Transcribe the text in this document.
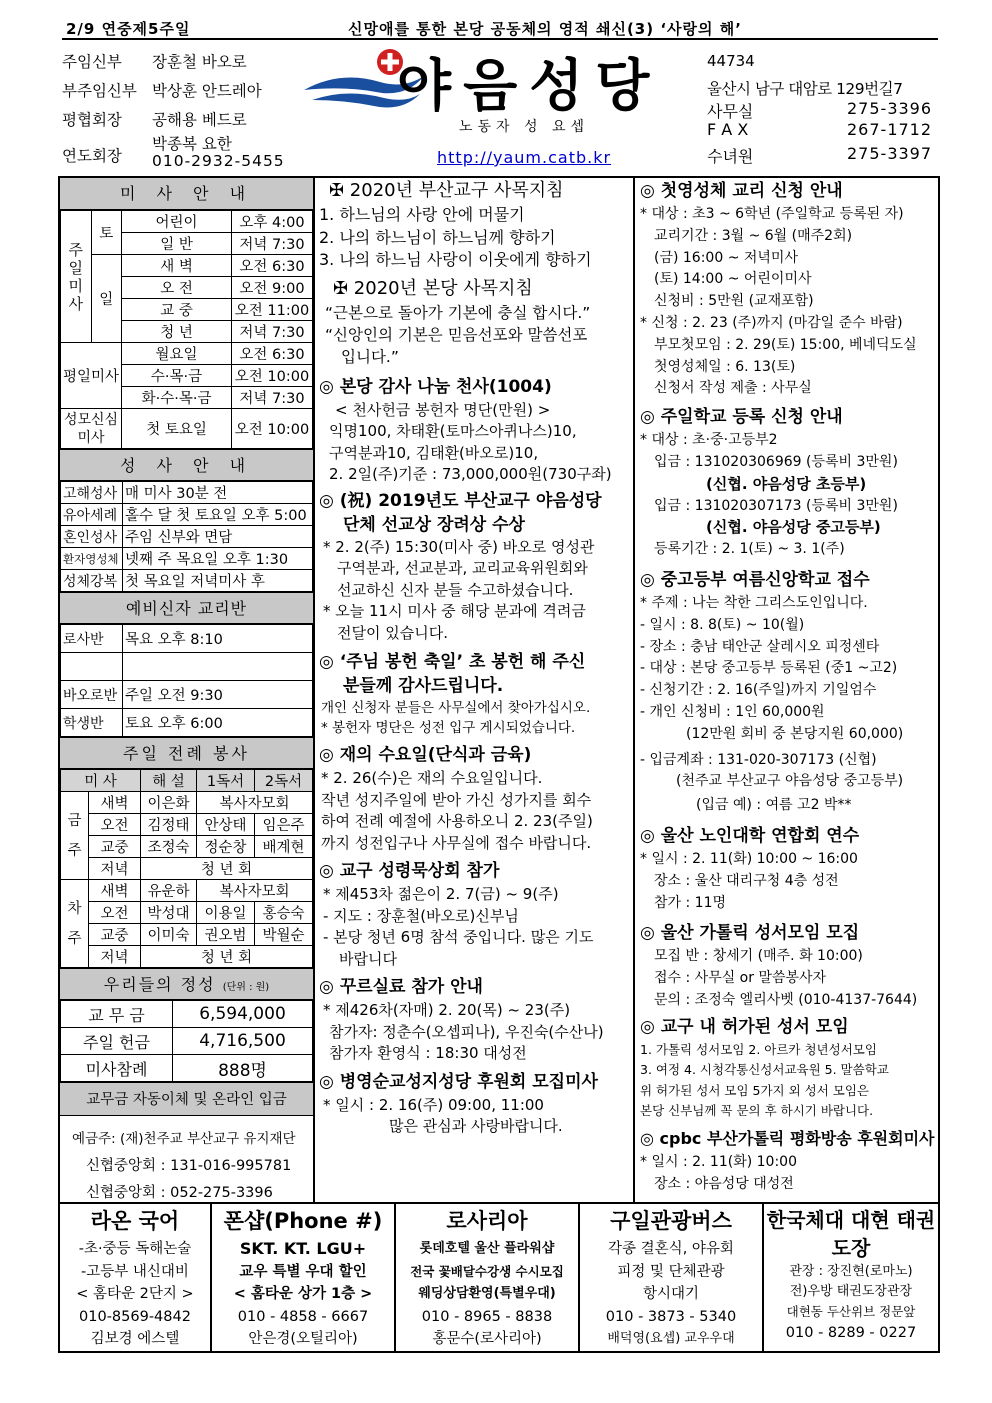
2/9 연중제5주일	신망애를 통한 본당 공동체의 영적 쇄신(3) ‘사랑의 해’
주임신부 장훈철 바오로
부주임신부 박상훈 안드레아
평협회장 공해용 베드로
연도회장
박종복 요한
010-2932-5455
야음성당
노동자 성 요셉
http://yaum.catb.kr
44734
울산시 남구 대암로 129번길7
사무실	275-3396
F A X	267-1712
수녀원	275-3397
미 사 안 내
주일미사	토	어린이	오후 4:00
		일 반	저녁 7:30
	일	새 벽	오전 6:30
		오 전	오전 9:00
		교 중	오전 11:00
		청 년	저녁 7:30
평일미사		월요일	오전 6:30
		수·목·금	오전 10:00
		화·수·목·금	저녁 7:30
성모신심 미사		첫 토요일	오전 10:00
성 사 안 내
고해성사	매 미사 30분 전
유아세례	홀수 달 첫 토요일 오후 5:00
혼인성사	주임 신부와 면담
환자영성체	넷째 주 목요일 오후 1:30
성체강복	첫 목요일 저녁미사 후
예비신자 교리반
로사반	목요 오후 8:10

바오로반	주일 오전 9:30
학생반	토요 오후 6:00
주일 전례 봉사
미 사		해 설	1독서	2독서
금주	새벽	이은화	복사자모회	
	오전	김정태	안상태	임은주
	교중	조정숙	정순창	배계현
	저녁	청 년 회		
차주	새벽	유운하	복사자모회	
	오전	박성대	이용일	홍승숙
	교중	이미숙	권오범	박월순
	저녁	청 년 회		
우리들의 정성 (단위 : 원)
교 무 금	6,594,000
주일 헌금	4,716,500
미사참례	888명
교무금 자동이체 및 온라인 입금
예금주: (재)천주교 부산교구 유지재단
신협중앙회 : 131-016-995781
신협중앙회 : 052-275-3396
✠ 2020년 부산교구 사목지침
1. 하느님의 사랑 안에 머물기
2. 나의 하느님이 하느님께 향하기
3. 나의 하느님 사랑이 이웃에게 향하기
✠ 2020년 본당 사목지침
“근본으로 돌아가 기본에 충실 합시다.”
“신앙인의 기본은 믿음선포와 말씀선포
입니다.”
◎ 본당 감사 나눔 천사(1004)
< 천사헌금 봉헌자 명단(만원) >
익명100, 차태환(토마스아퀴나스)10,
구역분과10, 김태환(바오로)10,
2. 2일(주)기준 : 73,000,000원(730구좌)
◎ (祝) 2019년도 부산교구 야음성당
단체 선교상 장려상 수상
* 2. 2(주) 15:30(미사 중) 바오로 영성관
구역분과, 선교분과, 교리교육위원회와
선교하신 신자 분들 수고하셨습니다.
* 오늘 11시 미사 중 해당 분과에 격려금
전달이 있습니다.
◎ ‘주님 봉헌 축일’ 초 봉헌 해 주신
분들께 감사드립니다.
개인 신청자 분들은 사무실에서 찾아가십시오.
* 봉헌자 명단은 성전 입구 게시되었습니다.
◎ 재의 수요일(단식과 금육)
* 2. 26(수)은 재의 수요일입니다.
작년 성지주일에 받아 가신 성가지를 회수
하여 전례 예절에 사용하오니 2. 23(주일)
까지 성전입구나 사무실에 접수 바랍니다.
◎ 교구 성령묵상회 참가
* 제453차 젊은이 2. 7(금) ~ 9(주)
- 지도 : 장훈철(바오로)신부님
- 본당 청년 6명 참석 중입니다. 많은 기도
바랍니다
◎ 꾸르실료 참가 안내
* 제426차(자매) 2. 20(목) ~ 23(주)
참가자: 정춘수(오셉피나), 우진숙(수산나)
참가자 환영식 : 18:30 대성전
◎ 병영순교성지성당 후원회 모집미사
* 일시 : 2. 16(주) 09:00, 11:00
많은 관심과 사랑바랍니다.
◎ 첫영성체 교리 신청 안내
* 대상 : 초3 ~ 6학년 (주일학교 등록된 자)
교리기간 : 3월 ~ 6월 (매주2회)
(금) 16:00 ~ 저녁미사
(토) 14:00 ~ 어린이미사
신청비 : 5만원 (교재포함)
* 신청 : 2. 23 (주)까지 (마감일 준수 바람)
부모첫모임 : 2. 29(토) 15:00, 베네딕도실
첫영성체일 : 6. 13(토)
신청서 작성 제출 : 사무실
◎ 주일학교 등록 신청 안내
* 대상 : 초·중·고등부2
입금 : 131020306969 (등록비 3만원)
(신협. 야음성당 초등부)
입금 : 131020307173 (등록비 3만원)
(신협. 야음성당 중고등부)
등록기간 : 2. 1(토) ~ 3. 1(주)
◎ 중고등부 여름신앙학교 접수
* 주제 : 나는 착한 그리스도인입니다.
- 일시 : 8. 8(토) ~ 10(월)
- 장소 : 충남 태안군 살레시오 피정센타
- 대상 : 본당 중고등부 등록된 (중1 ~고2)
- 신청기간 : 2. 16(주일)까지 기일엄수
- 개인 신청비 : 1인 60,000원
(12만원 회비 중 본당지원 60,000)
- 입금계좌 : 131-020-307173 (신협)
(천주교 부산교구 야음성당 중고등부)
(입금 예) : 여름 고2 박**
◎ 울산 노인대학 연합회 연수
* 일시 : 2. 11(화) 10:00 ~ 16:00
장소 : 울산 대리구청 4층 성전
참가 : 11명
◎ 울산 가톨릭 성서모임 모집
모집 반 : 창세기 (매주. 화 10:00)
접수 : 사무실 or 말씀봉사자
문의 : 조정숙 엘리사벳 (010-4137-7644)
◎ 교구 내 허가된 성서 모임
1. 가톨릭 성서모임 2. 아르카 청년성서모임
3. 여정 4. 시청각통신성서교육원 5. 말씀학교
위 허가된 성서 모임 5가지 외 성서 모임은
본당 신부님께 꼭 문의 후 하시기 바랍니다.
◎ cpbc 부산가톨릭 평화방송 후원회미사
* 일시 : 2. 11(화) 10:00
장소 : 야음성당 대성전
라온 국어
-초·중등 독해논술
-고등부 내신대비
< 홈타운 2단지 >
010-8569-4842
김보경 에스텔
폰샵(Phone #)
SKT. KT. LGU+
교우 특별 우대 할인
< 홈타운 상가 1층 >
010 - 4858 - 6667
안은경(오틸리아)
로사리아
롯데호텔 울산 플라워샵
전국 꽃배달수강생 수시모집
웨딩상담환영(특별우대)
010 - 8965 - 8838
홍문수(로사리아)
구일관광버스
각종 결혼식, 야유회
피정 및 단체관광
항시대기
010 - 3873 - 5340
배덕영(요셉) 교우우대
한국체대 대현 태권도장
관장 : 장진현(로마노)
전)우방 태권도장관장
대현동 두산위브 정문앞
010 - 8289 - 0227
